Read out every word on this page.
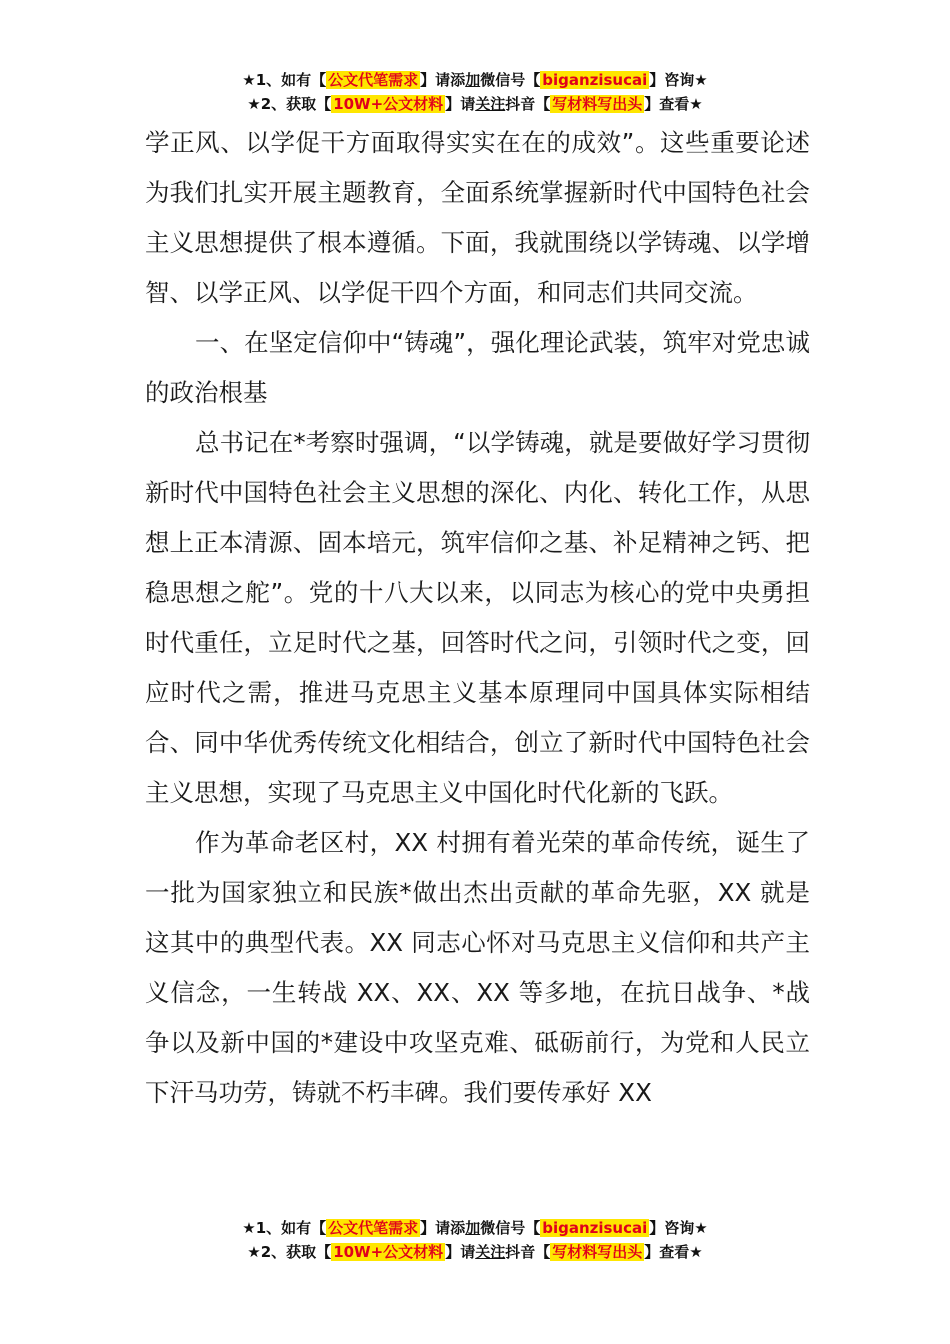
★1、如有【 公文代笔需求 】请添加微信号【 biganzisucai 】咨询★
★2、获取【 10W+公文材料 】请关注抖音【 写材料写出头 】查看★

学正风、以学促干方面取得实实在在的成效”。这些重要论述为我们扎实开展主题教育，全面系统掌握新时代中国特色社会主义思想提供了根本遵循。下面，我就围绕以学铸魂、以学增智、以学正风、以学促干四个方面，和同志们共同交流。

一、在坚定信仰中“铸魂”，强化理论武装，筑牢对党忠诚的政治根基

总书记在*考察时强调，“以学铸魂，就是要做好学习贯彻新时代中国特色社会主义思想的深化、内化、转化工作，从思想上正本清源、固本培元，筑牢信仰之基、补足精神之钙、把稳思想之舵”。党的十八大以来，以同志为核心的党中央勇担时代重任，立足时代之基，回答时代之问，引领时代之变，回应时代之需，推进马克思主义基本原理同中国具体实际相结合、同中华优秀传统文化相结合，创立了新时代中国特色社会主义思想，实现了马克思主义中国化时代化新的飞跃。

作为革命老区村，XX 村拥有着光荣的革命传统，诞生了一批为国家独立和民族*做出杰出贡献的革命先驱，XX 就是这其中的典型代表。XX 同志心怀对马克思主义信仰和共产主义信念，一生转战 XX、XX、XX 等多地，在抗日战争、*战争以及新中国的*建设中攻坚克难、砥砺前行，为党和人民立下汗马功劳，铸就不朽丰碑。我们要传承好 XX

★1、如有【 公文代笔需求 】请添加微信号【 biganzisucai 】咨询★
★2、获取【 10W+公文材料 】请关注抖音【 写材料写出头 】查看★
